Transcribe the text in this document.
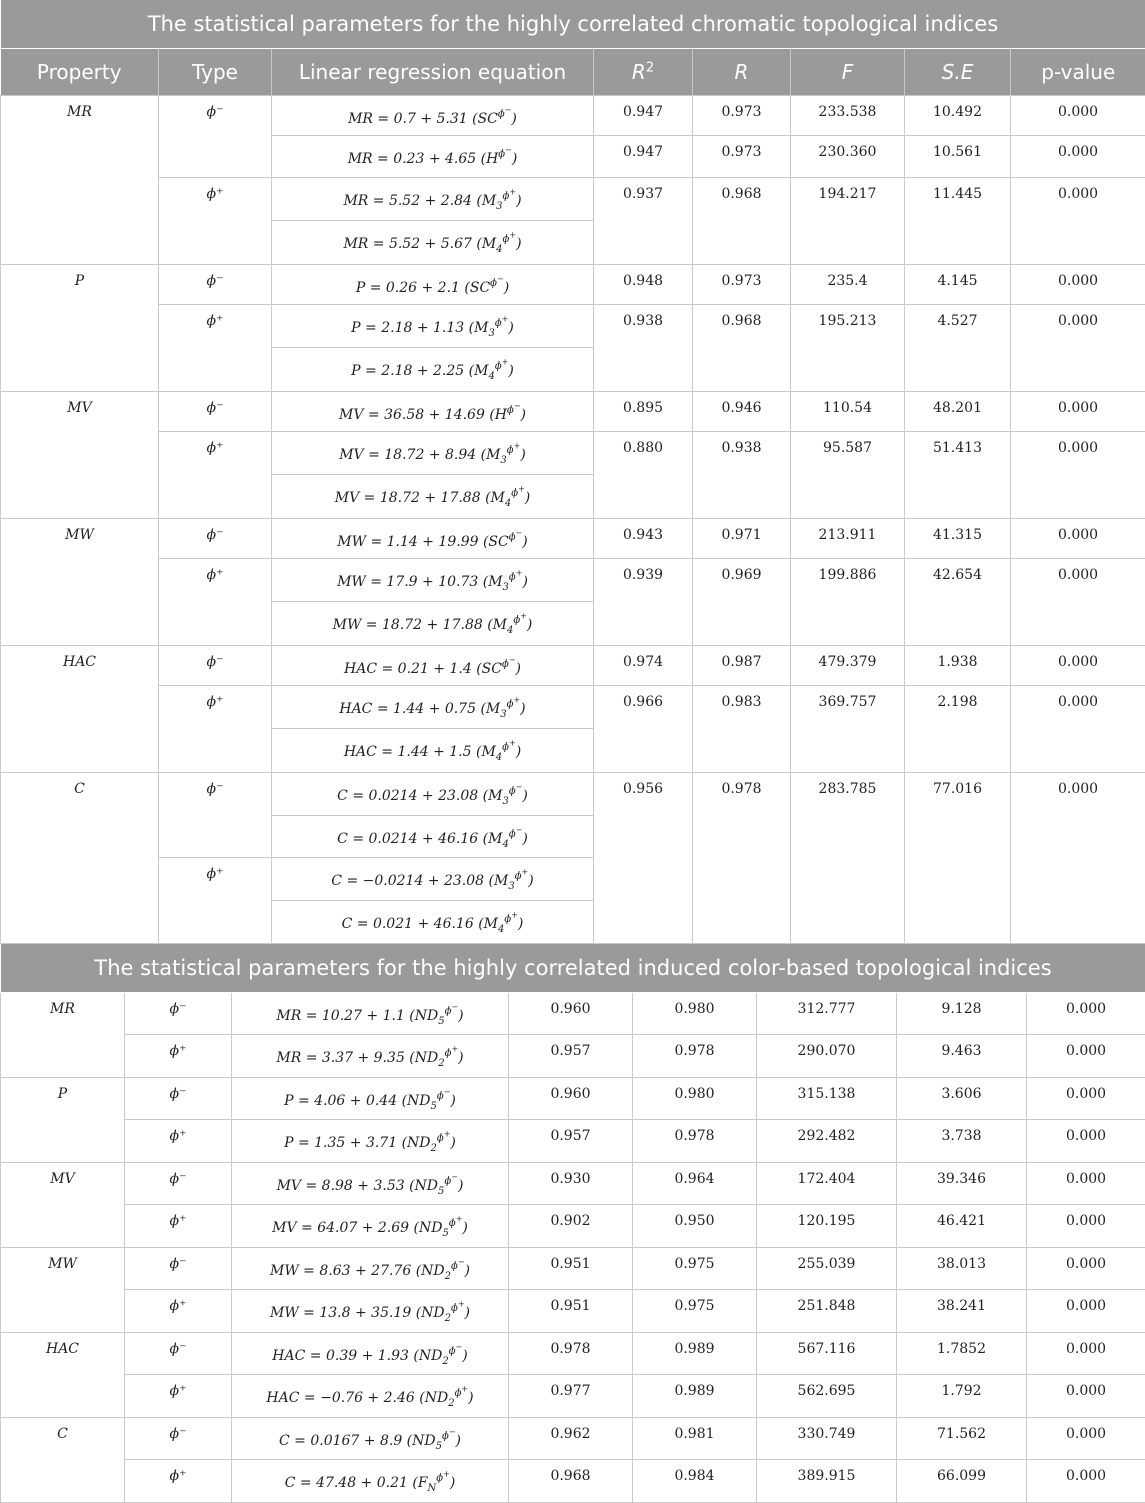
The statistical parameters for the highly correlated chromatic topological indices							
Property	Type	Linear regression equation	$R^2$	R	F	S.E	p-value
MR	ϕ⁻	MR = 0.7 + 5.31 $(SC^{\phi^-})$	0.947	0.973	233.538	10.492	0.000
		MR = 0.23 + 4.65 $(H^{\phi^-})$	0.947	0.973	230.360	10.561	0.000
	ϕ⁺	MR = 5.52 + 2.84 $(M_3^{\phi^+})$	0.937	0.968	194.217	11.445	0.000
		MR = 5.52 + 5.67 $(M_4^{\phi^+})$					
P	ϕ⁻	P = 0.26 + 2.1 $(SC^{\phi^-})$	0.948	0.973	235.4	4.145	0.000
	ϕ⁺	P = 2.18 + 1.13 $(M_3^{\phi^+})$	0.938	0.968	195.213	4.527	0.000
		P = 2.18 + 2.25 $(M_4^{\phi^+})$					
MV	ϕ⁻	MV = 36.58 + 14.69 $(H^{\phi^-})$	0.895	0.946	110.54	48.201	0.000
	ϕ⁺	MV = 18.72 + 8.94 $(M_3^{\phi^+})$	0.880	0.938	95.587	51.413	0.000
		MV = 18.72 + 17.88 $(M_4^{\phi^+})$					
MW	ϕ⁻	MW = 1.14 + 19.99 $(SC^{\phi^-})$	0.943	0.971	213.911	41.315	0.000
	ϕ⁺	MW = 17.9 + 10.73 $(M_3^{\phi^+})$	0.939	0.969	199.886	42.654	0.000
		MW = 18.72 + 17.88 $(M_4^{\phi^+})$					
HAC	ϕ⁻	HAC = 0.21 + 1.4 $(SC^{\phi^-})$	0.974	0.987	479.379	1.938	0.000
	ϕ⁺	HAC = 1.44 + 0.75 $(M_3^{\phi^+})$	0.966	0.983	369.757	2.198	0.000
		HAC = 1.44 + 1.5 $(M_4^{\phi^+})$					
C	ϕ⁻	C = 0.0214 + 23.08 $(M_3^{\phi^-})$	0.956	0.978	283.785	77.016	0.000
		C = 0.0214 + 46.16 $(M_4^{\phi^-})$					
	ϕ⁺	C = −0.0214 + 23.08 $(M_3^{\phi^+})$					
		C = 0.021 + 46.16 $(M_4^{\phi^+})$					
The statistical parameters for the highly correlated induced color-based topological indices							
MR	ϕ⁻	MR = 10.27 + 1.1 $(ND_5^{\phi^-})$	0.960	0.980	312.777	9.128	0.000
	ϕ⁺	MR = 3.37 + 9.35 $(ND_2^{\phi^+})$	0.957	0.978	290.070	9.463	0.000
P	ϕ⁻	P = 4.06 + 0.44 $(ND_5^{\phi^-})$	0.960	0.980	315.138	3.606	0.000
	ϕ⁺	P = 1.35 + 3.71 $(ND_2^{\phi^+})$	0.957	0.978	292.482	3.738	0.000
MV	ϕ⁻	MV = 8.98 + 3.53 $(ND_5^{\phi^-})$	0.930	0.964	172.404	39.346	0.000
	ϕ⁺	MV = 64.07 + 2.69 $(ND_5^{\phi^+})$	0.902	0.950	120.195	46.421	0.000
MW	ϕ⁻	MW = 8.63 + 27.76 $(ND_2^{\phi^-})$	0.951	0.975	255.039	38.013	0.000
	ϕ⁺	MW = 13.8 + 35.19 $(ND_2^{\phi^+})$	0.951	0.975	251.848	38.241	0.000
HAC	ϕ⁻	HAC = 0.39 + 1.93 $(ND_2^{\phi^-})$	0.978	0.989	567.116	1.7852	0.000
	ϕ⁺	HAC = −0.76 + 2.46 $(ND_2^{\phi^+})$	0.977	0.989	562.695	1.792	0.000
C	ϕ⁻	C = 0.0167 + 8.9 $(ND_5^{\phi^-})$	0.962	0.981	330.749	71.562	0.000
	ϕ⁺	C = 47.48 + 0.21 $(F_N^{\phi^+})$	0.968	0.984	389.915	66.099	0.000
